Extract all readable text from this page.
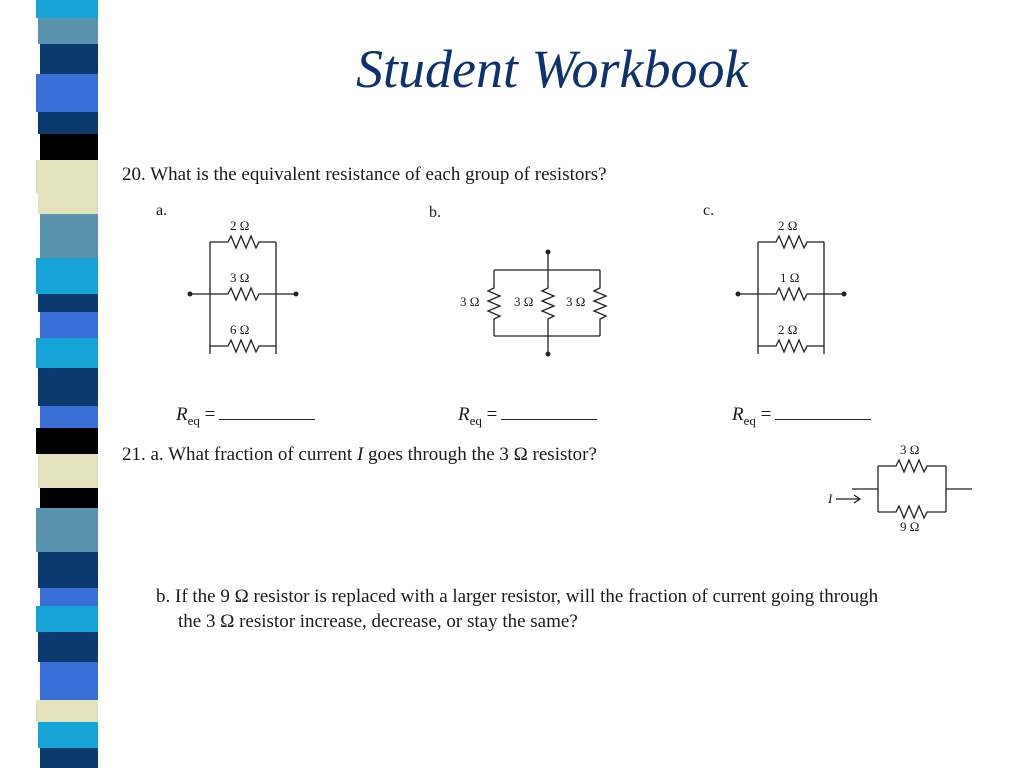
Student Workbook
20. What is the equivalent resistance of each group of resistors?
a.	b.	c.
2 Ω
3 Ω
6 Ω
3 Ω	3 Ω	3 Ω
2 Ω
1 Ω
2 Ω
$R_{eq}$ =	$R_{eq}$ =	$R_{eq}$ =
21. a. What fraction of current I goes through the 3 Ω resistor?	3 Ω
9 Ω
I
b. If the 9 Ω resistor is replaced with a larger resistor, will the fraction of current going through
the 3 Ω resistor increase, decrease, or stay the same?
